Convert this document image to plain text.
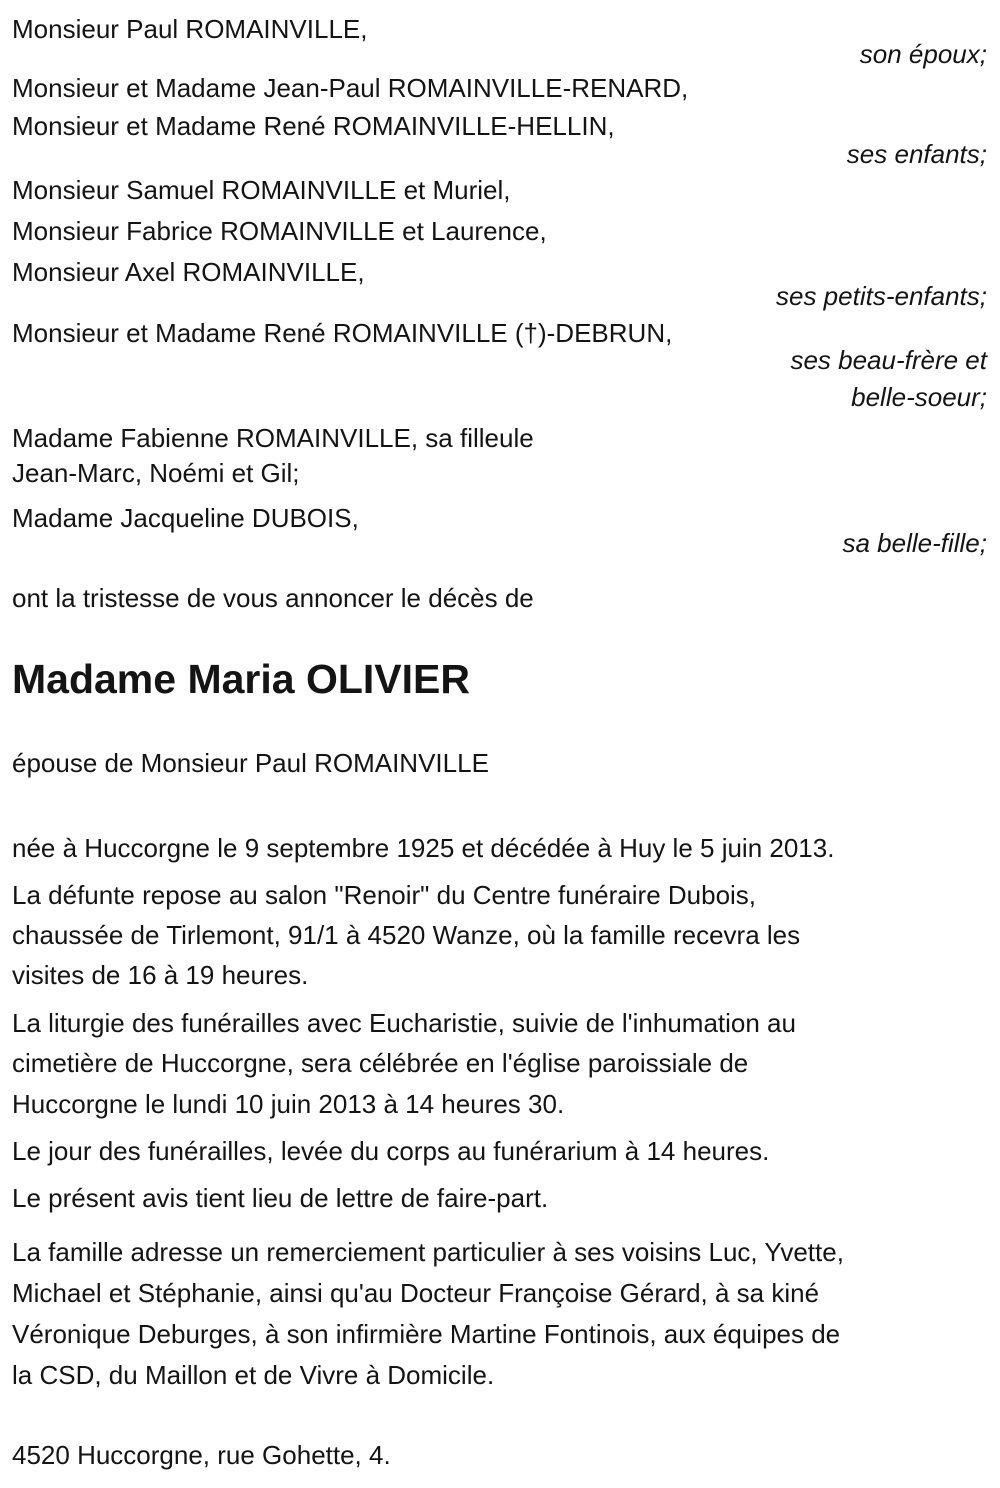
Monsieur Paul ROMAINVILLE,
son époux;
Monsieur et Madame Jean-Paul ROMAINVILLE-RENARD,
Monsieur et Madame René ROMAINVILLE-HELLIN,
ses enfants;
Monsieur Samuel ROMAINVILLE et Muriel,
Monsieur Fabrice ROMAINVILLE et Laurence,
Monsieur Axel ROMAINVILLE,
ses petits-enfants;
Monsieur et Madame René ROMAINVILLE (†)-DEBRUN,
ses beau-frère et
belle-soeur;
Madame Fabienne ROMAINVILLE, sa filleule
Jean-Marc, Noémi et Gil;
Madame Jacqueline DUBOIS,
sa belle-fille;
ont la tristesse de vous annoncer le décès de
Madame Maria OLIVIER
épouse de Monsieur Paul ROMAINVILLE
née à Huccorgne le 9 septembre 1925 et décédée à Huy le 5 juin 2013.
La défunte repose au salon "Renoir" du Centre funéraire Dubois,
chaussée de Tirlemont, 91/1 à 4520 Wanze, où la famille recevra les
visites de 16 à 19 heures.
La liturgie des funérailles avec Eucharistie, suivie de l'inhumation au
cimetière de Huccorgne, sera célébrée en l'église paroissiale de
Huccorgne le lundi 10 juin 2013 à 14 heures 30.
Le jour des funérailles, levée du corps au funérarium à 14 heures.
Le présent avis tient lieu de lettre de faire-part.
La famille adresse un remerciement particulier à ses voisins Luc, Yvette,
Michael et Stéphanie, ainsi qu'au Docteur Françoise Gérard, à sa kiné
Véronique Deburges, à son infirmière Martine Fontinois, aux équipes de
la CSD, du Maillon et de Vivre à Domicile.
4520 Huccorgne, rue Gohette, 4.
